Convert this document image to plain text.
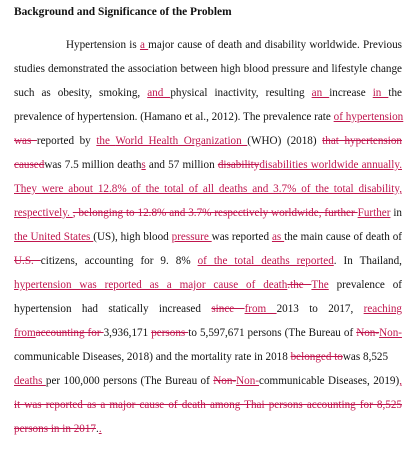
Background and Significance of the Problem
Hypertension is a major cause of death and disability worldwide. Previous
studies demonstrated the association between high blood pressure and lifestyle change
such as obesity, smoking, and physical inactivity, resulting an increase in the
prevalence of hypertension. (Hamano et al., 2012). The prevalence rate of hypertension
was reported by the World Health Organization (WHO) (2018) that hypertension
causedwas 7.5 million deaths and 57 million disabilitydisabilities worldwide annually.
They were about 12.8% of the total of all deaths and 3.7% of the total disability,
respectively. , belonging to 12.8% and 3.7% respectively worldwide, further Further in
the United States (US), high blood pressure was reported as the main cause of death of
U.S. citizens, accounting for 9. 8% of the total deaths reported. In Thailand,
hypertension was reported as a major cause of death.the The prevalence of
hypertension had statically increased since from 2013 to 2017, reaching
fromaccounting for 3,936,171 persons to 5,597,671 persons (The Bureau of Non-Non-
communicable Diseases, 2018) and the mortality rate in 2018 belonged towas 8,525
deaths per 100,000 persons (The Bureau of Non-Non-communicable Diseases, 2019),
it was reported as a major cause of death among Thai persons accounting for 8,525
persons in in 2017..
